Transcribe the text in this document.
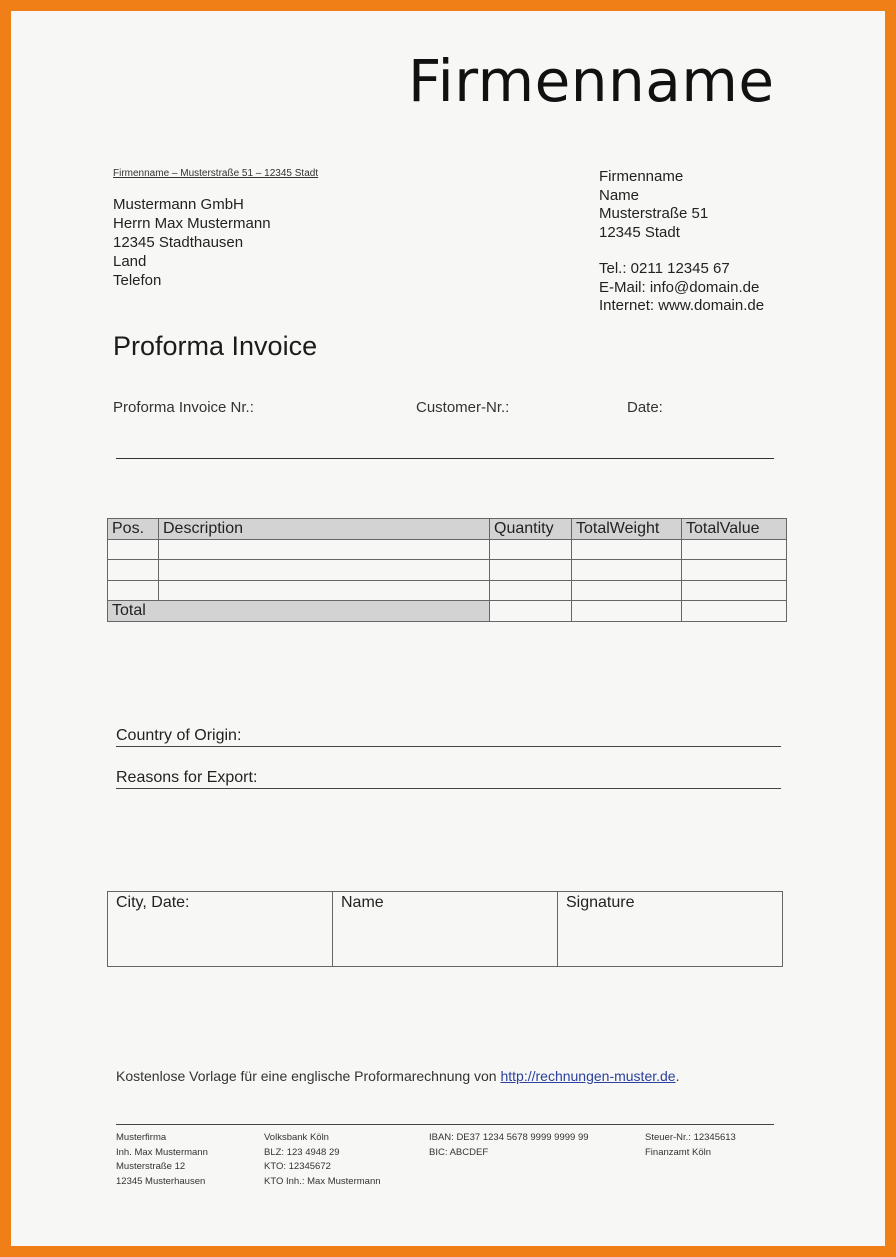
Firmenname
Firmenname – Musterstraße 51 – 12345 Stadt
Mustermann GmbH
Herrn Max Mustermann
12345 Stadthausen
Land
Telefon
Firmenname
Name
Musterstraße 51
12345 Stadt
Tel.: 0211 12345 67
E-Mail: info@domain.de
Internet: www.domain.de
Proforma Invoice
Proforma Invoice Nr.:	Customer-Nr.:	Date:
Pos.	Description	Quantity	TotalWeight	TotalValue

Total				
Country of Origin:
Reasons for Export:
City, Date:	Name	Signature
Kostenlose Vorlage für eine englische Proformarechnung von http://rechnungen-muster.de.
Musterfirma
Inh. Max Mustermann
Musterstraße 12
12345 Musterhausen
Volksbank Köln
BLZ: 123 4948 29
KTO: 12345672
KTO Inh.: Max Mustermann
IBAN: DE37 1234 5678 9999 9999 99
BIC: ABCDEF
Steuer-Nr.: 12345613
Finanzamt Köln
